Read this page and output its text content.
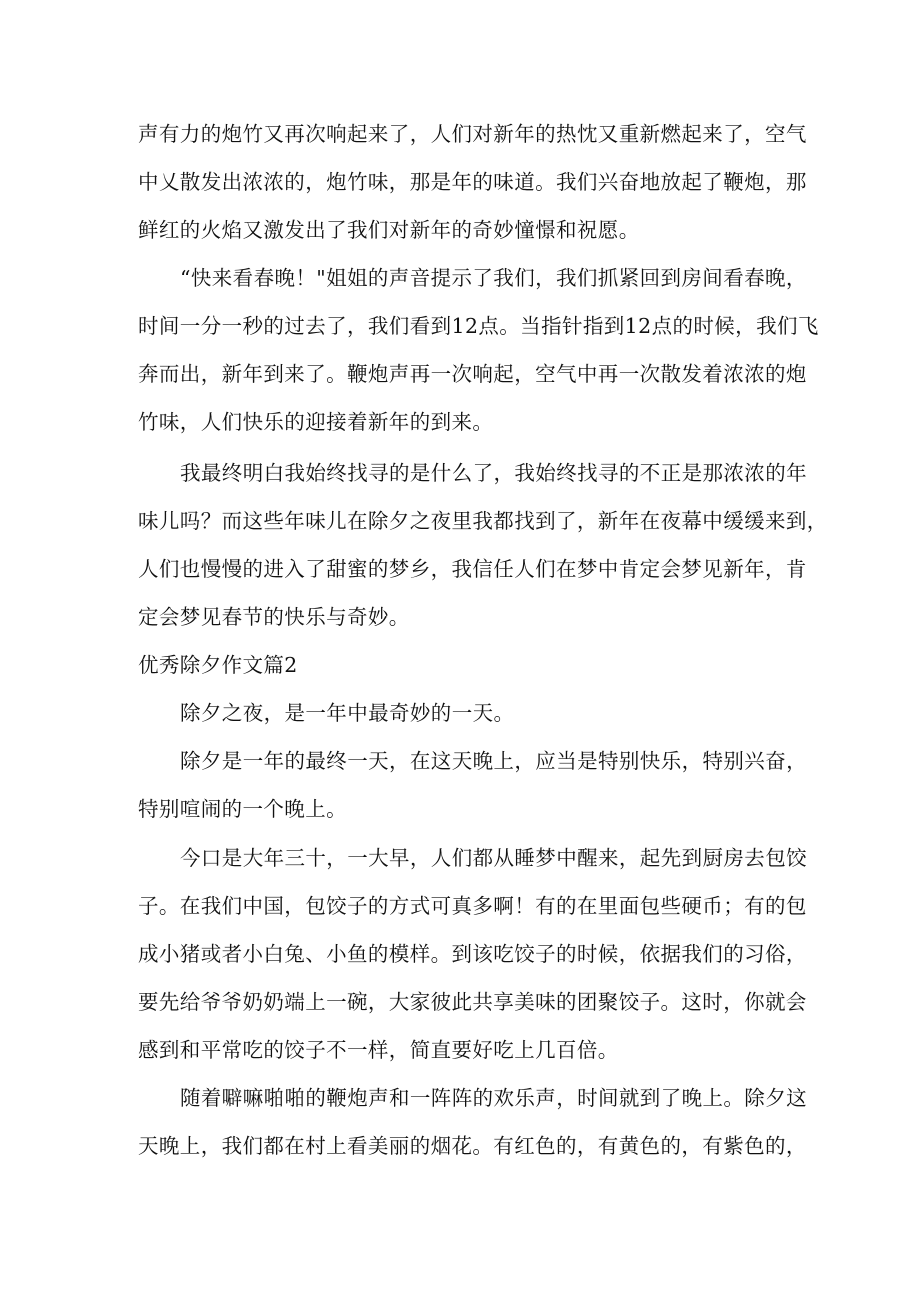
声有力的炮竹又再次响起来了，人们对新年的热忱又重新燃起来了，空气
中乂散发出浓浓的，炮竹味，那是年的味道。我们兴奋地放起了鞭炮，那
鲜红的火焰又激发出了我们对新年的奇妙憧憬和祝愿。
“快来看春晚！"姐姐的声音提示了我们，我们抓紧回到房间看春晚，
时间一分一秒的过去了，我们看到12点。当指针指到12点的时候，我们飞
奔而出，新年到来了。鞭炮声再一次响起，空气中再一次散发着浓浓的炮
竹味，人们快乐的迎接着新年的到来。
我最终明白我始终找寻的是什么了，我始终找寻的不正是那浓浓的年
味儿吗？而这些年味儿在除夕之夜里我都找到了，新年在夜幕中缓缓来到，
人们也慢慢的进入了甜蜜的梦乡，我信任人们在梦中肯定会梦见新年，肯
定会梦见春节的快乐与奇妙。
优秀除夕作文篇2
除夕之夜，是一年中最奇妙的一天。
除夕是一年的最终一天，在这天晚上，应当是特别快乐，特别兴奋，
特别喧闹的一个晚上。
今口是大年三十，一大早，人们都从睡梦中醒来，起先到厨房去包饺
子。在我们中国，包饺子的方式可真多啊！有的在里面包些硬币；有的包
成小猪或者小白兔、小鱼的模样。到该吃饺子的时候，依据我们的习俗，
要先给爷爷奶奶端上一碗，大家彼此共享美味的团聚饺子。这时，你就会
感到和平常吃的饺子不一样，简直要好吃上几百倍。
随着噼嘛啪啪的鞭炮声和一阵阵的欢乐声，时间就到了晚上。除夕这
天晚上，我们都在村上看美丽的烟花。有红色的，有黄色的，有紫色的，
